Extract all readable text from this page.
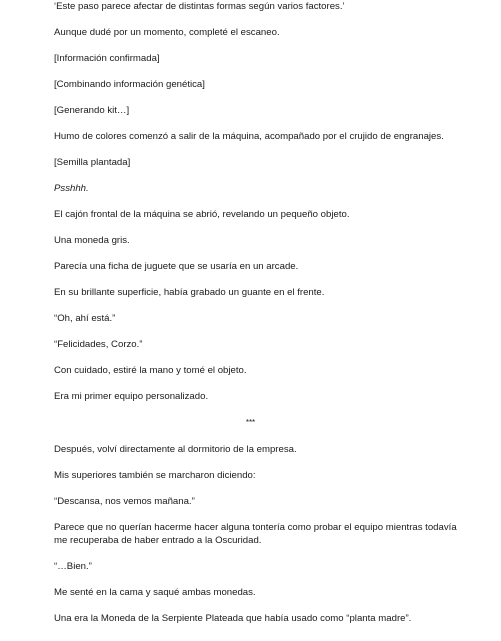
‘Este paso parece afectar de distintas formas según varios factores.’

Aunque dudé por un momento, completé el escaneo.

[Información confirmada]

[Combinando información genética]

[Generando kit…]

Humo de colores comenzó a salir de la máquina, acompañado por el crujido de engranajes.

[Semilla plantada]

Psshhh.

El cajón frontal de la máquina se abrió, revelando un pequeño objeto.

Una moneda gris.

Parecía una ficha de juguete que se usaría en un arcade.

En su brillante superficie, había grabado un guante en el frente.

“Oh, ahí está.”

“Felicidades, Corzo.”

Con cuidado, estiré la mano y tomé el objeto.

Era mi primer equipo personalizado.

***

Después, volví directamente al dormitorio de la empresa.

Mis superiores también se marcharon diciendo:

“Descansa, nos vemos mañana.”

Parece que no querían hacerme hacer alguna tontería como probar el equipo mientras todavía me recuperaba de haber entrado a la Oscuridad.

“…Bien.”

Me senté en la cama y saqué ambas monedas.

Una era la Moneda de la Serpiente Plateada que había usado como “planta madre”.
